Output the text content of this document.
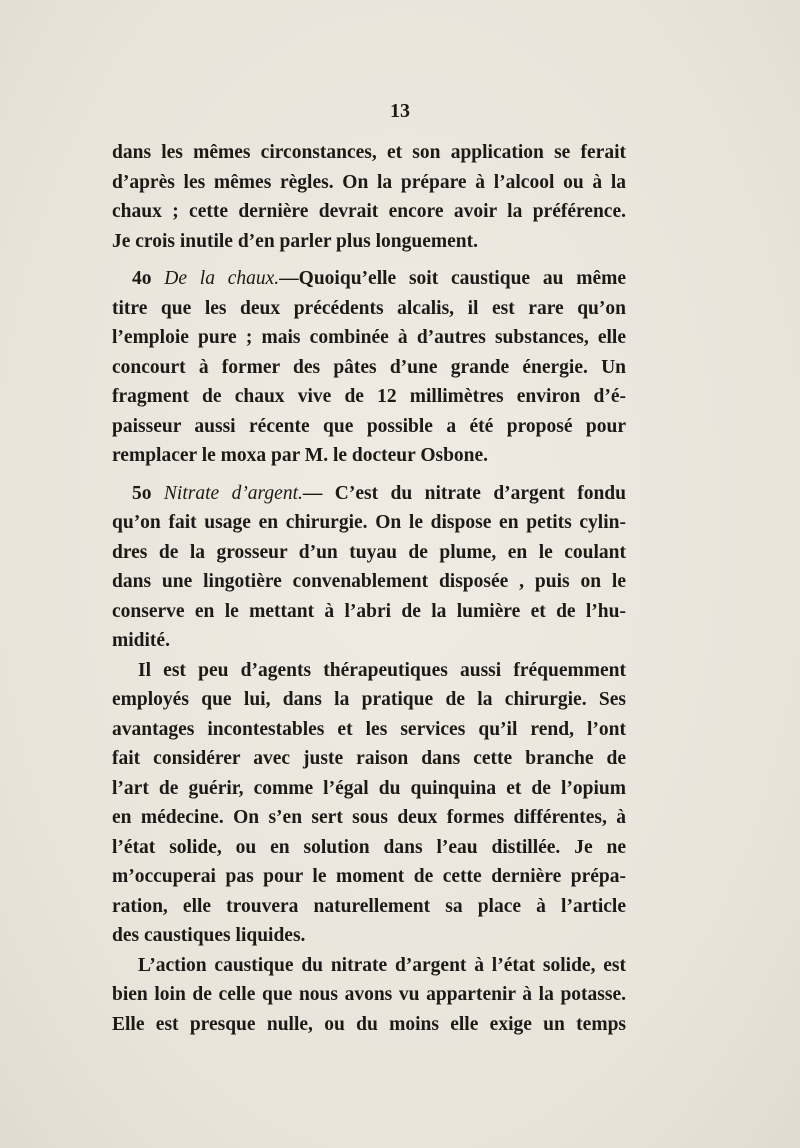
13

dans les mêmes circonstances, et son application se ferait
d’après les mêmes règles. On la prépare à l’alcool ou à la
chaux ; cette dernière devrait encore avoir la préférence.
Je crois inutile d’en parler plus longuement.

4o De la chaux.—Quoiqu’elle soit caustique au même
titre que les deux précédents alcalis, il est rare qu’on
l’emploie pure ; mais combinée à d’autres substances, elle
concourt à former des pâtes d’une grande énergie. Un
fragment de chaux vive de 12 millimètres environ d’é-
paisseur aussi récente que possible a été proposé pour
remplacer le moxa par M. le docteur Osbone.

5o Nitrate d’argent.— C’est du nitrate d’argent fondu
qu’on fait usage en chirurgie. On le dispose en petits cylin-
dres de la grosseur d’un tuyau de plume, en le coulant
dans une lingotière convenablement disposée , puis on le
conserve en le mettant à l’abri de la lumière et de l’hu-
midité.

Il est peu d’agents thérapeutiques aussi fréquemment
employés que lui, dans la pratique de la chirurgie. Ses
avantages incontestables et les services qu’il rend, l’ont
fait considérer avec juste raison dans cette branche de
l’art de guérir, comme l’égal du quinquina et de l’opium
en médecine. On s’en sert sous deux formes différentes, à
l’état solide, ou en solution dans l’eau distillée. Je ne
m’occuperai pas pour le moment de cette dernière prépa-
ration, elle trouvera naturellement sa place à l’article
des caustiques liquides.

L’action caustique du nitrate d’argent à l’état solide, est
bien loin de celle que nous avons vu appartenir à la potasse.
Elle est presque nulle, ou du moins elle exige un temps
